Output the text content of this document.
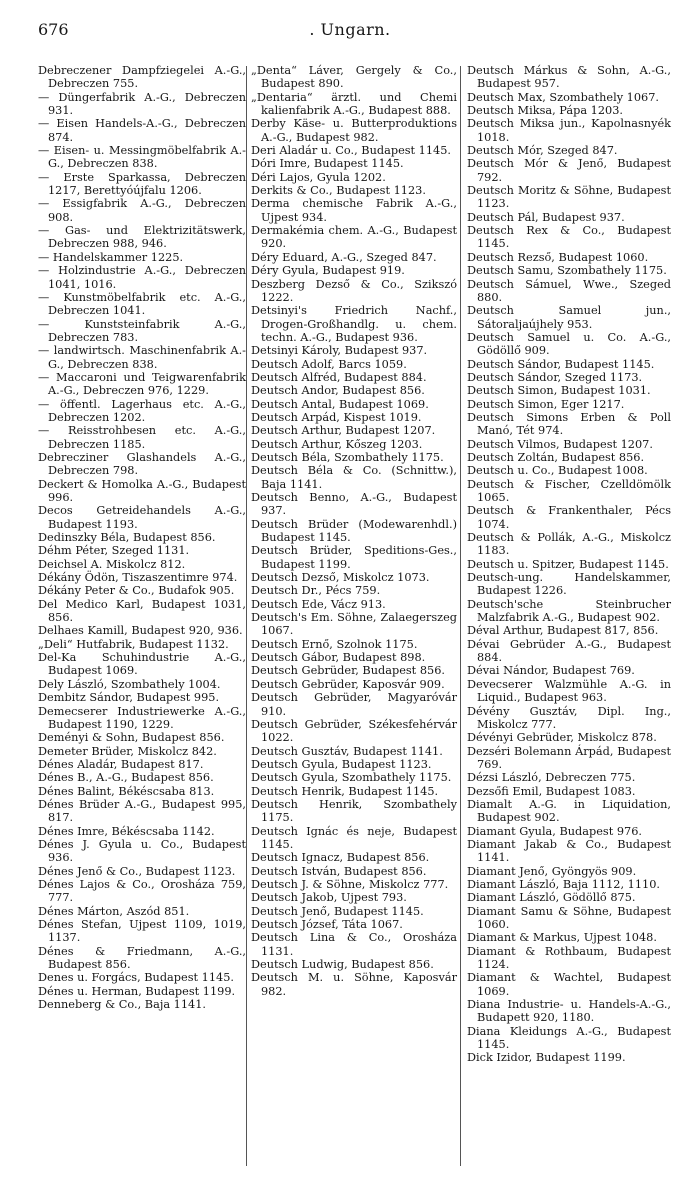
676	. Ungarn.

Debreczener Dampfziegelei A.-G., Debreczen 755.

— Düngerfabrik A.-G., Debreczen 931.

— Eisen Handels-A.-G., Debreczen 874.

— Eisen- u. Messingmöbelfabrik A.-G., Debreczen 838.

— Erste Sparkassa, Debreczen 1217, Berettyóújfalu 1206.

— Essigfabrik A.-G., Debreczen 908.

— Gas- und Elektrizitätswerk, Debreczen 988, 946.

— Handelskammer 1225.

— Holzindustrie A.-G., Debreczen 1041, 1016.

— Kunstmöbelfabrik etc. A.-G., Debreczen 1041.

— Kunststeinfabrik A.-G., Debreczen 783.

— landwirtsch. Maschinenfabrik A.-G., Debreczen 838.

— Maccaroni und Teigwarenfabrik A.-G., Debreczen 976, 1229.

— öffentl. Lagerhaus etc. A.-G., Debreczen 1202.

— Reisstrohbesen etc. A.-G., Debreczen 1185.

Debrecziner Glashandels A.-G., Debreczen 798.

Deckert & Homolka A.-G., Budapest 996.

Decos Getreidehandels A.-G., Budapest 1193.

Dedinszky Béla, Budapest 856.

Déhm Péter, Szeged 1131.

Deichsel A. Miskolcz 812.

Dékány Ödön, Tiszaszentimre 974.

Dékány Peter & Co., Budafok 905.

Del Medico Karl, Budapest 1031, 856.

Delhaes Kamill, Budapest 920, 936.

„Deli“ Hutfabrik, Budapest 1132.

Del-Ka Schuhindustrie A.-G., Budapest 1069.

Dely László, Szombathely 1004.

Dembitz Sándor, Budapest 995.

Demecserer Industriewerke A.-G., Budapest 1190, 1229.

Deményi & Sohn, Budapest 856.

Demeter Brüder, Miskolcz 842.

Dénes Aladár, Budapest 817.

Dénes B., A.-G., Budapest 856.

Dénes Balint, Békéscsaba 813.

Dénes Brüder A.-G., Budapest 995, 817.

Dénes Imre, Békéscsaba 1142.

Dénes J. Gyula u. Co., Budapest 936.

Dénes Jenő & Co., Budapest 1123.

Dénes Lajos & Co., Orosháza 759, 777.

Dénes Márton, Aszód 851.

Dénes Stefan, Ujpest 1109, 1019, 1137.

Dénes & Friedmann, A.-G., Budapest 856.

Denes u. Forgács, Budapest 1145.

Dénes u. Herman, Budapest 1199.

Denneberg & Co., Baja 1141.

„Denta“ Láver, Gergely & Co., Budapest 890.

„Dentaria“ ärztl. und Chemi kalienfabrik A.-G., Budapest 888.

Derby Käse- u. Butterproduktions A.-G., Budapest 982.

Deri Aladár u. Co., Budapest 1145.

Dóri Imre, Budapest 1145.

Déri Lajos, Gyula 1202.

Derkits & Co., Budapest 1123.

Derma chemische Fabrik A.-G., Ujpest 934.

Dermakémia chem. A.-G., Budapest 920.

Déry Eduard, A.-G., Szeged 847.

Déry Gyula, Budapest 919.

Deszberg Dezső & Co., Szikszó 1222.

Detsinyi's Friedrich Nachf., Drogen-Großhandlg. u. chem. techn. A.-G., Budapest 936.

Detsinyi Károly, Budapest 937.

Deutsch Adolf, Barcs 1059.

Deutsch Alfréd, Budapest 884.

Deutsch Andor, Budapest 856.

Deutsch Antal, Budapest 1069.

Deutsch Arpád, Kispest 1019.

Deutsch Arthur, Budapest 1207.

Deutsch Arthur, Kőszeg 1203.

Deutsch Béla, Szombathely 1175.

Deutsch Béla & Co. (Schnittw.), Baja 1141.

Deutsch Benno, A.-G., Budapest 937.

Deutsch Brüder (Modewarenhdl.) Budapest 1145.

Deutsch Brüder, Speditions-Ges., Budapest 1199.

Deutsch Dezső, Miskolcz 1073.

Deutsch Dr., Pécs 759.

Deutsch Ede, Vácz 913.

Deutsch's Em. Söhne, Zalaegerszeg 1067.

Deutsch Ernő, Szolnok 1175.

Deutsch Gábor, Budapest 898.

Deutsch Gebrüder, Budapest 856.

Deutsch Gebrüder, Kaposvár 909.

Deutsch Gebrüder, Magyaróvár 910.

Deutsch Gebrüder, Székesfehérvár 1022.

Deutsch Gusztáv, Budapest 1141.

Deutsch Gyula, Budapest 1123.

Deutsch Gyula, Szombathely 1175.

Deutsch Henrik, Budapest 1145.

Deutsch Henrik, Szombathely 1175.

Deutsch Ignác és neje, Budapest 1145.

Deutsch Ignacz, Budapest 856.

Deutsch István, Budapest 856.

Deutsch J. & Söhne, Miskolcz 777.

Deutsch Jakob, Ujpest 793.

Deutsch Jenő, Budapest 1145.

Deutsch József, Táta 1067.

Deutsch Lina & Co., Orosháza 1131.

Deutsch Ludwig, Budapest 856.

Deutsch M. u. Söhne, Kaposvár 982.

Deutsch Márkus & Sohn, A.-G., Budapest 957.

Deutsch Max, Szombathely 1067.

Deutsch Miksa, Pápa 1203.

Deutsch Miksa jun., Kapolnasnyék 1018.

Deutsch Mór, Szeged 847.

Deutsch Mór & Jenő, Budapest 792.

Deutsch Moritz & Söhne, Budapest 1123.

Deutsch Pál, Budapest 937.

Deutsch Rex & Co., Budapest 1145.

Deutsch Rezső, Budapest 1060.

Deutsch Samu, Szombathely 1175.

Deutsch Sámuel, Wwe., Szeged 880.

Deutsch Samuel jun., Sátoraljaújhely 953.

Deutsch Samuel u. Co. A.-G., Gödöllő 909.

Deutsch Sándor, Budapest 1145.

Deutsch Sándor, Szeged 1173.

Deutsch Simon, Budapest 1031.

Deutsch Simon, Eger 1217.

Deutsch Simons Erben & Poll Manó, Tét 974.

Deutsch Vilmos, Budapest 1207.

Deutsch Zoltán, Budapest 856.

Deutsch u. Co., Budapest 1008.

Deutsch & Fischer, Czelldömölk 1065.

Deutsch & Frankenthaler, Pécs 1074.

Deutsch & Pollák, A.-G., Miskolcz 1183.

Deutsch u. Spitzer, Budapest 1145.

Deutsch-ung. Handelskammer, Budapest 1226.

Deutsch'sche Steinbrucher Malzfabrik A.-G., Budapest 902.

Déval Arthur, Budapest 817, 856.

Dévai Gebrüder A.-G., Budapest 884.

Dévai Nándor, Budapest 769.

Devecserer Walzmühle A.-G. in Liquid., Budapest 963.

Dévény Gusztáv, Dipl. Ing., Miskolcz 777.

Dévényi Gebrüder, Miskolcz 878.

Dezséri Bolemann Árpád, Budapest 769.

Dézsi László, Debreczen 775.

Dezsőfi Emil, Budapest 1083.

Diamalt A.-G. in Liquidation, Budapest 902.

Diamant Gyula, Budapest 976.

Diamant Jakab & Co., Budapest 1141.

Diamant Jenő, Gyöngyös 909.

Diamant László, Baja 1112, 1110.

Diamant László, Gödöllő 875.

Diamant Samu & Söhne, Budapest 1060.

Diamant & Markus, Ujpest 1048.

Diamant & Rothbaum, Budapest 1124.

Diamant & Wachtel, Budapest 1069.

Diana Industrie- u. Handels-A.-G., Budapett 920, 1180.

Diana Kleidungs A.-G., Budapest 1145.

Dick Izidor, Budapest 1199.
